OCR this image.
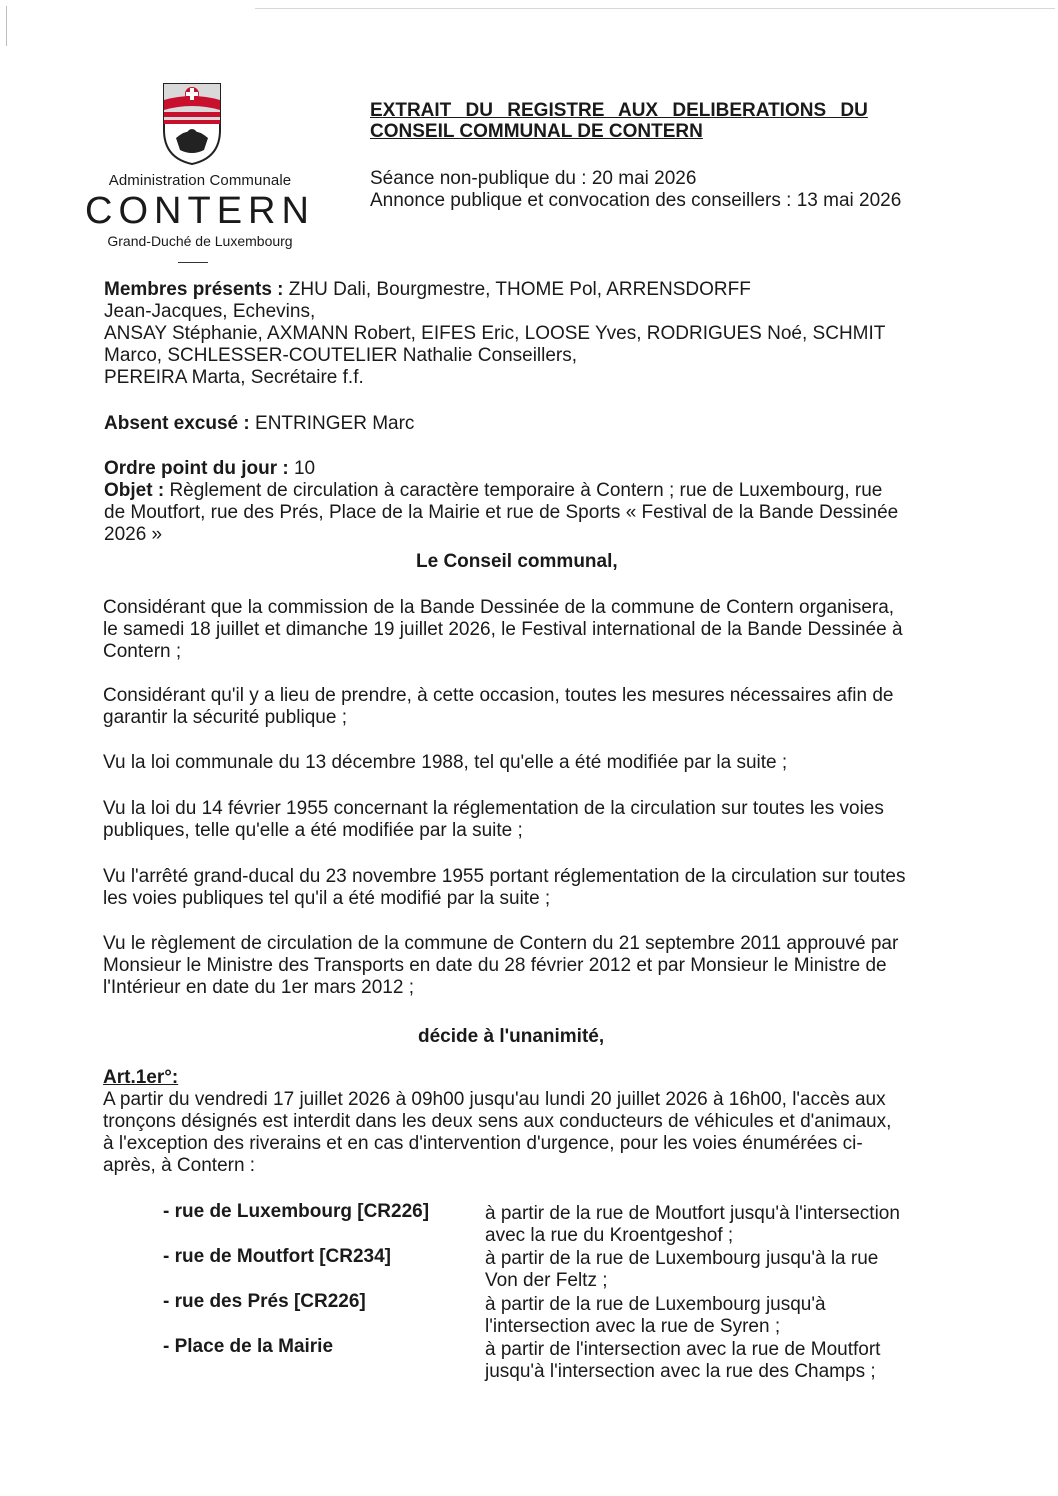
Administration Communale
CONTERN
Grand-Duché de Luxembourg
EXTRAIT DU REGISTRE AUX DELIBERATIONS DU
CONSEIL COMMUNAL DE CONTERN
Séance non-publique du : 20 mai 2026
Annonce publique et convocation des conseillers : 13 mai 2026
Membres présents : ZHU Dali, Bourgmestre, THOME Pol, ARRENSDORFF
Jean-Jacques, Echevins,
ANSAY Stéphanie, AXMANN Robert, EIFES Eric, LOOSE Yves, RODRIGUES Noé, SCHMIT
Marco, SCHLESSER-COUTELIER Nathalie Conseillers,
PEREIRA Marta, Secrétaire f.f.
Absent excusé : ENTRINGER Marc
Ordre point du jour : 10
Objet : Règlement de circulation à caractère temporaire à Contern ; rue de Luxembourg, rue
de Moutfort, rue des Prés, Place de la Mairie et rue de Sports « Festival de la Bande Dessinée
2026 »
Le Conseil communal,
Considérant que la commission de la Bande Dessinée de la commune de Contern organisera,
le samedi 18 juillet et dimanche 19 juillet 2026, le Festival international de la Bande Dessinée à
Contern ;
Considérant qu'il y a lieu de prendre, à cette occasion, toutes les mesures nécessaires afin de
garantir la sécurité publique ;
Vu la loi communale du 13 décembre 1988, tel qu'elle a été modifiée par la suite ;
Vu la loi du 14 février 1955 concernant la réglementation de la circulation sur toutes les voies
publiques, telle qu'elle a été modifiée par la suite ;
Vu l'arrêté grand-ducal du 23 novembre 1955 portant réglementation de la circulation sur toutes
les voies publiques tel qu'il a été modifié par la suite ;
Vu le règlement de circulation de la commune de Contern du 21 septembre 2011 approuvé par
Monsieur le Ministre des Transports en date du 28 février 2012 et par Monsieur le Ministre de
l'Intérieur en date du 1er mars 2012 ;
décide à l'unanimité,
Art.1er°:
A partir du vendredi 17 juillet 2026 à 09h00 jusqu'au lundi 20 juillet 2026 à 16h00, l'accès aux
tronçons désignés est interdit dans les deux sens aux conducteurs de véhicules et d'animaux,
à l'exception des riverains et en cas d'intervention d'urgence, pour les voies énumérées ci-
après, à Contern :
- rue de Luxembourg [CR226]	à partir de la rue de Moutfort jusqu'à l'intersection
avec la rue du Kroentgeshof ;
- rue de Moutfort [CR234]	à partir de la rue de Luxembourg jusqu'à la rue
Von der Feltz ;
- rue des Prés [CR226]	à partir de la rue de Luxembourg jusqu'à
l'intersection avec la rue de Syren ;
- Place de la Mairie	à partir de l'intersection avec la rue de Moutfort
jusqu'à l'intersection avec la rue des Champs ;
